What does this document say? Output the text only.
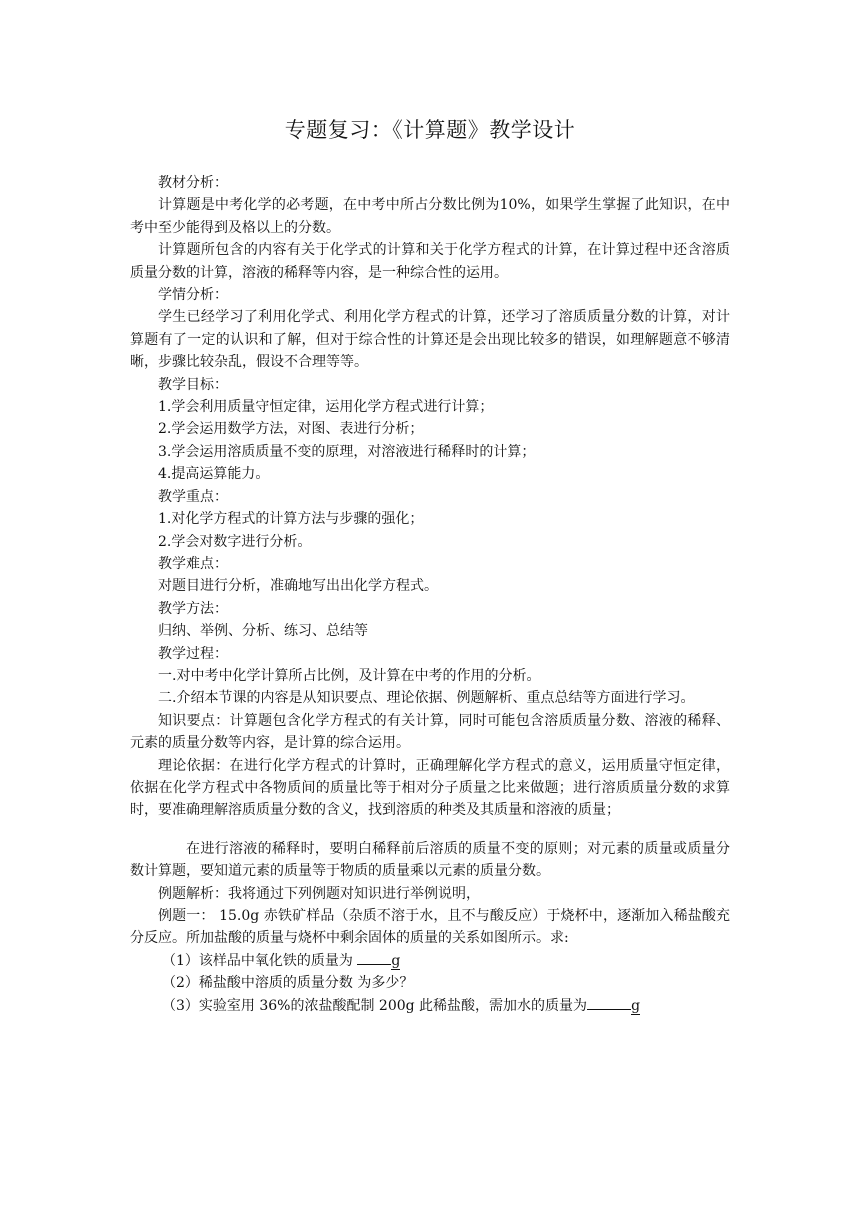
专题复习：《计算题》教学设计

教材分析：

计算题是中考化学的必考题，在中考中所占分数比例为10%，如果学生掌握了此知识，在中考中至少能得到及格以上的分数。

计算题所包含的内容有关于化学式的计算和关于化学方程式的计算，在计算过程中还含溶质质量分数的计算，溶液的稀释等内容，是一种综合性的运用。

学情分析：

学生已经学习了利用化学式、利用化学方程式的计算，还学习了溶质质量分数的计算，对计算题有了一定的认识和了解，但对于综合性的计算还是会出现比较多的错误，如理解题意不够清晰，步骤比较杂乱，假设不合理等等。

教学目标：

1.学会利用质量守恒定律，运用化学方程式进行计算；

2.学会运用数学方法，对图、表进行分析；

3.学会运用溶质质量不变的原理，对溶液进行稀释时的计算；

4.提高运算能力。

教学重点：

1.对化学方程式的计算方法与步骤的强化；

2.学会对数字进行分析。

教学难点：

对题目进行分析，准确地写出出化学方程式。

教学方法：

归纳、举例、分析、练习、总结等

教学过程：

一.对中考中化学计算所占比例，及计算在中考的作用的分析。

二.介绍本节课的内容是从知识要点、理论依据、例题解析、重点总结等方面进行学习。

知识要点：计算题包含化学方程式的有关计算，同时可能包含溶质质量分数、溶液的稀释、元素的质量分数等内容，是计算的综合运用。

理论依据：在进行化学方程式的计算时，正确理解化学方程式的意义，运用质量守恒定律，依据在化学方程式中各物质间的质量比等于相对分子质量之比来做题；进行溶质质量分数的求算时，要准确理解溶质质量分数的含义，找到溶质的种类及其质量和溶液的质量；

在进行溶液的稀释时，要明白稀释前后溶质的质量不变的原则；对元素的质量或质量分数计算题，要知道元素的质量等于物质的质量乘以元素的质量分数。

例题解析：我将通过下列例题对知识进行举例说明，

例题一： 15.0g 赤铁矿样品（杂质不溶于水，且不与酸反应）于烧杯中，逐渐加入稀盐酸充分反应。所加盐酸的质量与烧杯中剩余固体的质量的关系如图所示。求:

（1）该样品中氧化铁的质量为 g

（2）稀盐酸中溶质的质量分数 为多少？

（3）实验室用 36%的浓盐酸配制 200g 此稀盐酸，需加水的质量为	g
